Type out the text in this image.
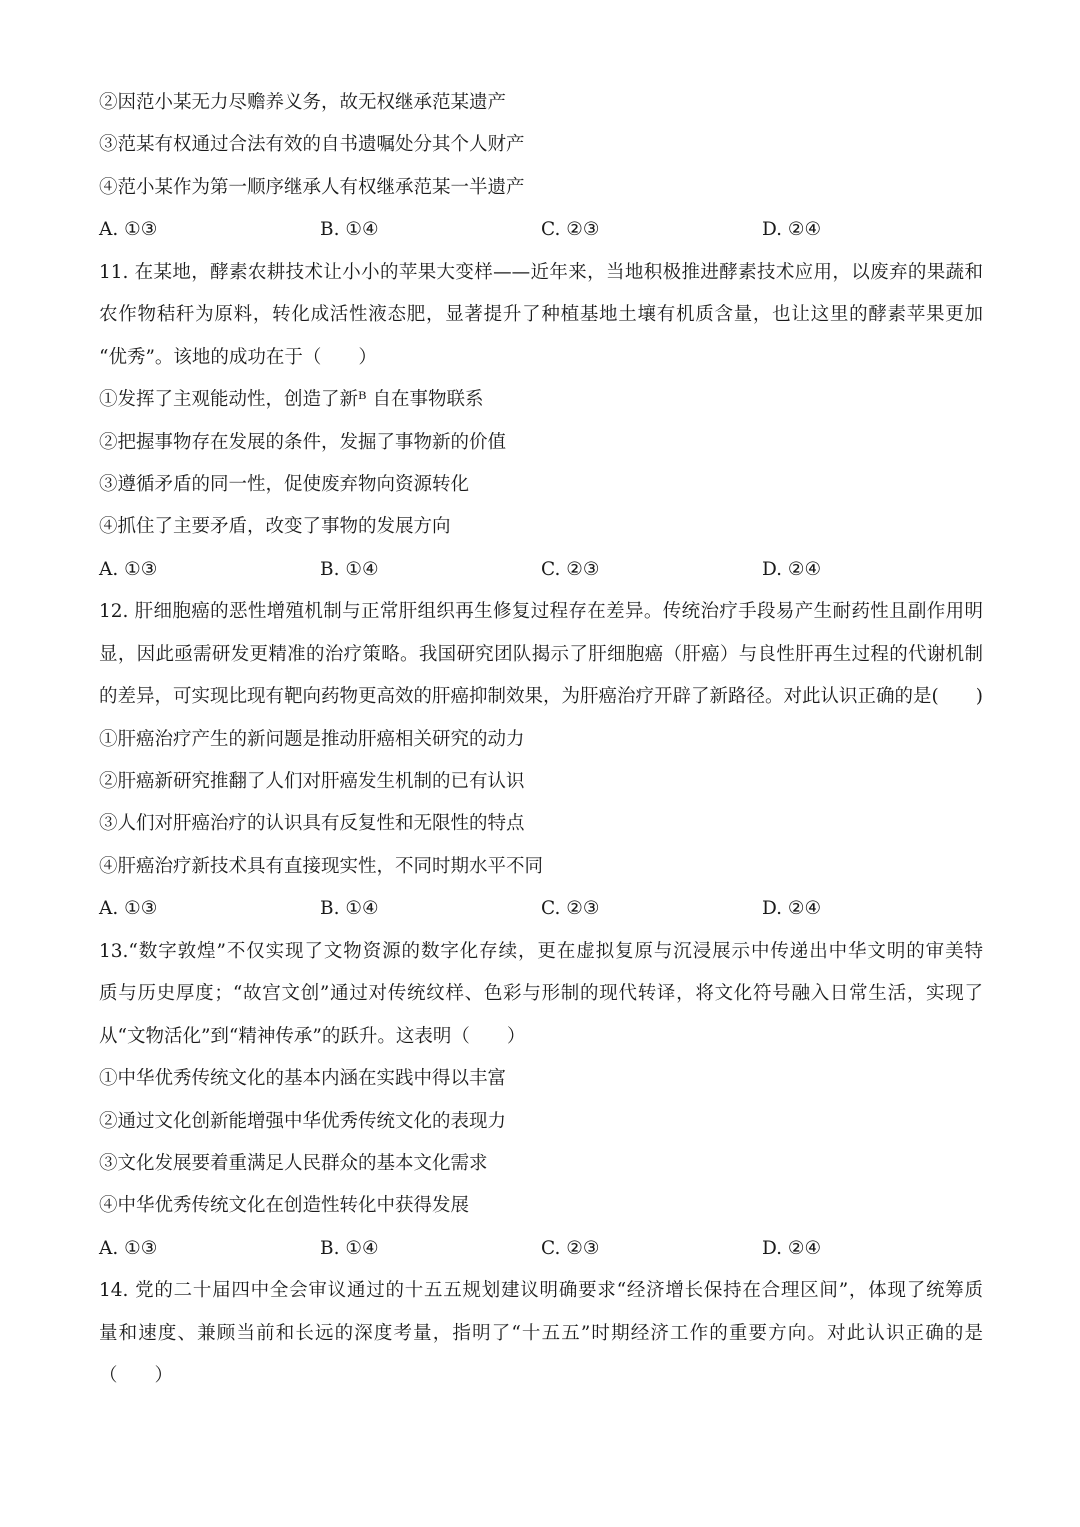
②因范小某无力尽赡养义务，故无权继承范某遗产
③范某有权通过合法有效的自书遗嘱处分其个人财产
④范小某作为第一顺序继承人有权继承范某一半遗产
A. ①③	B. ①④	C. ②③	D. ②④
11. 在某地，酵素农耕技术让小小的苹果大变样——近年来，当地积极推进酵素技术应用，以废弃的果蔬和
农作物秸秆为原料，转化成活性液态肥，显著提升了种植基地土壤有机质含量，也让这里的酵素苹果更加
“优秀”。该地的成功在于（　　）
①发挥了主观能动性，创造了新ᴮ 自在事物联系
②把握事物存在发展的条件，发掘了事物新的价值
③遵循矛盾的同一性，促使废弃物向资源转化
④抓住了主要矛盾，改变了事物的发展方向
A. ①③	B. ①④	C. ②③	D. ②④
12. 肝细胞癌的恶性增殖机制与正常肝组织再生修复过程存在差异。传统治疗手段易产生耐药性且副作用明
显，因此亟需研发更精准的治疗策略。我国研究团队揭示了肝细胞癌（肝癌）与良性肝再生过程的代谢机制
的差异，可实现比现有靶向药物更高效的肝癌抑制效果，为肝癌治疗开辟了新路径。对此认识正确的是(　　)
①肝癌治疗产生的新问题是推动肝癌相关研究的动力
②肝癌新研究推翻了人们对肝癌发生机制的已有认识
③人们对肝癌治疗的认识具有反复性和无限性的特点
④肝癌治疗新技术具有直接现实性，不同时期水平不同
A. ①③	B. ①④	C. ②③	D. ②④
13.“数字敦煌”不仅实现了文物资源的数字化存续，更在虚拟复原与沉浸展示中传递出中华文明的审美特
质与历史厚度；“故宫文创”通过对传统纹样、色彩与形制的现代转译，将文化符号融入日常生活，实现了
从“文物活化”到“精神传承”的跃升。这表明（　　）
①中华优秀传统文化的基本内涵在实践中得以丰富
②通过文化创新能增强中华优秀传统文化的表现力
③文化发展要着重满足人民群众的基本文化需求
④中华优秀传统文化在创造性转化中获得发展
A. ①③	B. ①④	C. ②③	D. ②④
14. 党的二十届四中全会审议通过的十五五规划建议明确要求“经济增长保持在合理区间”，体现了统筹质
量和速度、兼顾当前和长远的深度考量，指明了“十五五”时期经济工作的重要方向。对此认识正确的是
（　　）
